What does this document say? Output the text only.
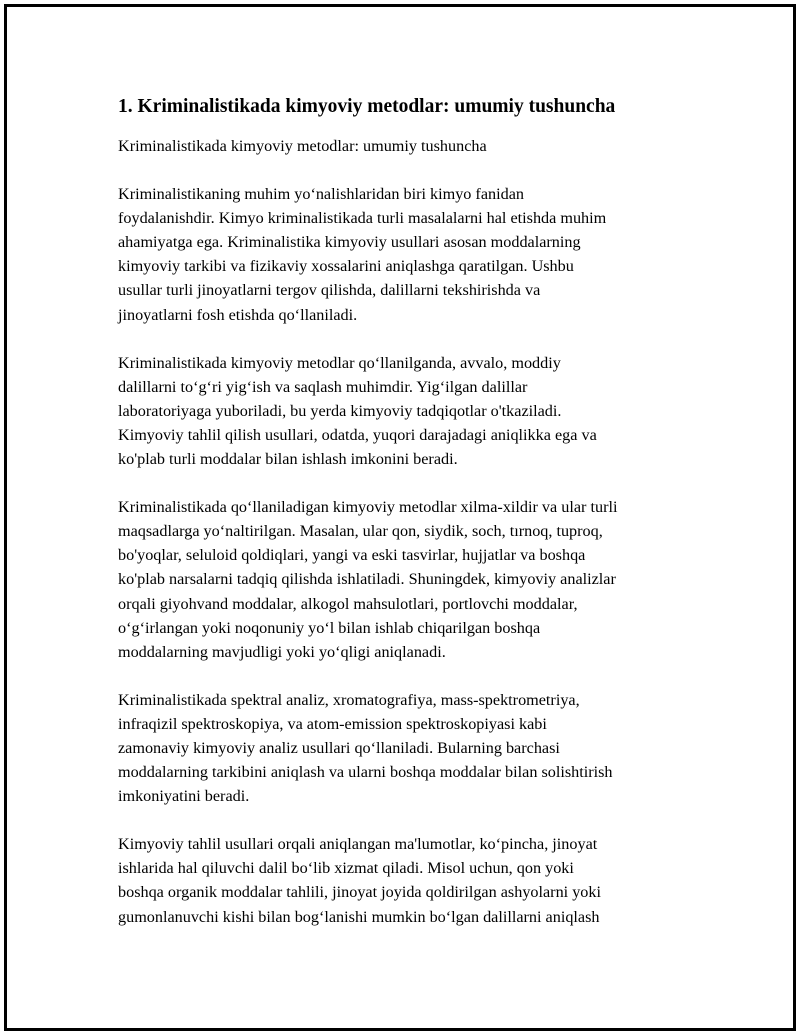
1. Kriminalistikada kimyoviy metodlar: umumiy tushuncha
Kriminalistikada kimyoviy metodlar: umumiy tushuncha
Kriminalistikaning muhim yo‘nalishlaridan biri kimyo fanidan
foydalanishdir. Kimyo kriminalistikada turli masalalarni hal etishda muhim
ahamiyatga ega. Kriminalistika kimyoviy usullari asosan moddalarning
kimyoviy tarkibi va fizikaviy xossalarini aniqlashga qaratilgan. Ushbu
usullar turli jinoyatlarni tergov qilishda, dalillarni tekshirishda va
jinoyatlarni fosh etishda qo‘llaniladi.
Kriminalistikada kimyoviy metodlar qo‘llanilganda, avvalo, moddiy
dalillarni to‘g‘ri yig‘ish va saqlash muhimdir. Yig‘ilgan dalillar
laboratoriyaga yuboriladi, bu yerda kimyoviy tadqiqotlar o'tkaziladi.
Kimyoviy tahlil qilish usullari, odatda, yuqori darajadagi aniqlikka ega va
ko'plab turli moddalar bilan ishlash imkonini beradi.
Kriminalistikada qo‘llaniladigan kimyoviy metodlar xilma-xildir va ular turli
maqsadlarga yo‘naltirilgan. Masalan, ular qon, siydik, soch, tırnoq, tuproq,
bo'yoqlar, seluloid qoldiqlari, yangi va eski tasvirlar, hujjatlar va boshqa
ko'plab narsalarni tadqiq qilishda ishlatiladi. Shuningdek, kimyoviy analizlar
orqali giyohvand moddalar, alkogol mahsulotlari, portlovchi moddalar,
o‘g‘irlangan yoki noqonuniy yo‘l bilan ishlab chiqarilgan boshqa
moddalarning mavjudligi yoki yo‘qligi aniqlanadi.
Kriminalistikada spektral analiz, xromatografiya, mass-spektrometriya,
infraqizil spektroskopiya, va atom-emission spektroskopiyasi kabi
zamonaviy kimyoviy analiz usullari qo‘llaniladi. Bularning barchasi
moddalarning tarkibini aniqlash va ularni boshqa moddalar bilan solishtirish
imkoniyatini beradi.
Kimyoviy tahlil usullari orqali aniqlangan ma'lumotlar, ko‘pincha, jinoyat
ishlarida hal qiluvchi dalil bo‘lib xizmat qiladi. Misol uchun, qon yoki
boshqa organik moddalar tahlili, jinoyat joyida qoldirilgan ashyolarni yoki
gumonlanuvchi kishi bilan bog‘lanishi mumkin bo‘lgan dalillarni aniqlash
